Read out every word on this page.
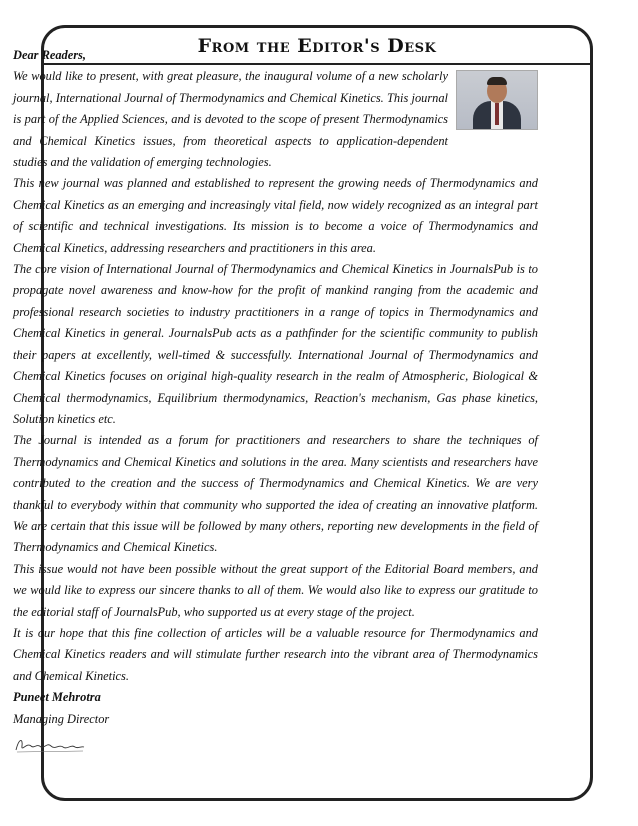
From the Editor's Desk

Dear Readers,

We would like to present, with great pleasure, the inaugural volume of a new scholarly journal, International Journal of Thermodynamics and Chemical Kinetics. This journal is part of the Applied Sciences, and is devoted to the scope of present Thermodynamics and Chemical Kinetics issues, from theoretical aspects to application-dependent studies and the validation of emerging technologies.

This new journal was planned and established to represent the growing needs of Thermodynamics and Chemical Kinetics as an emerging and increasingly vital field, now widely recognized as an integral part of scientific and technical investigations. Its mission is to become a voice of Thermodynamics and Chemical Kinetics, addressing researchers and practitioners in this area.

The core vision of International Journal of Thermodynamics and Chemical Kinetics in JournalsPub is to propagate novel awareness and know-how for the profit of mankind ranging from the academic and professional research societies to industry practitioners in a range of topics in Thermodynamics and Chemical Kinetics in general. JournalsPub acts as a pathfinder for the scientific community to publish their papers at excellently, well-timed & successfully. International Journal of Thermodynamics and Chemical Kinetics focuses on original high-quality research in the realm of Atmospheric, Biological & Chemical thermodynamics, Equilibrium thermodynamics, Reaction's mechanism, Gas phase kinetics, Solution kinetics etc.

The Journal is intended as a forum for practitioners and researchers to share the techniques of Thermodynamics and Chemical Kinetics and solutions in the area. Many scientists and researchers have contributed to the creation and the success of Thermodynamics and Chemical Kinetics. We are very thankful to everybody within that community who supported the idea of creating an innovative platform. We are certain that this issue will be followed by many others, reporting new developments in the field of Thermodynamics and Chemical Kinetics.

This issue would not have been possible without the great support of the Editorial Board members, and we would like to express our sincere thanks to all of them. We would also like to express our gratitude to the editorial staff of JournalsPub, who supported us at every stage of the project.

It is our hope that this fine collection of articles will be a valuable resource for Thermodynamics and Chemical Kinetics readers and will stimulate further research into the vibrant area of Thermodynamics and Chemical Kinetics.

Puneet Mehrotra

Managing Director
